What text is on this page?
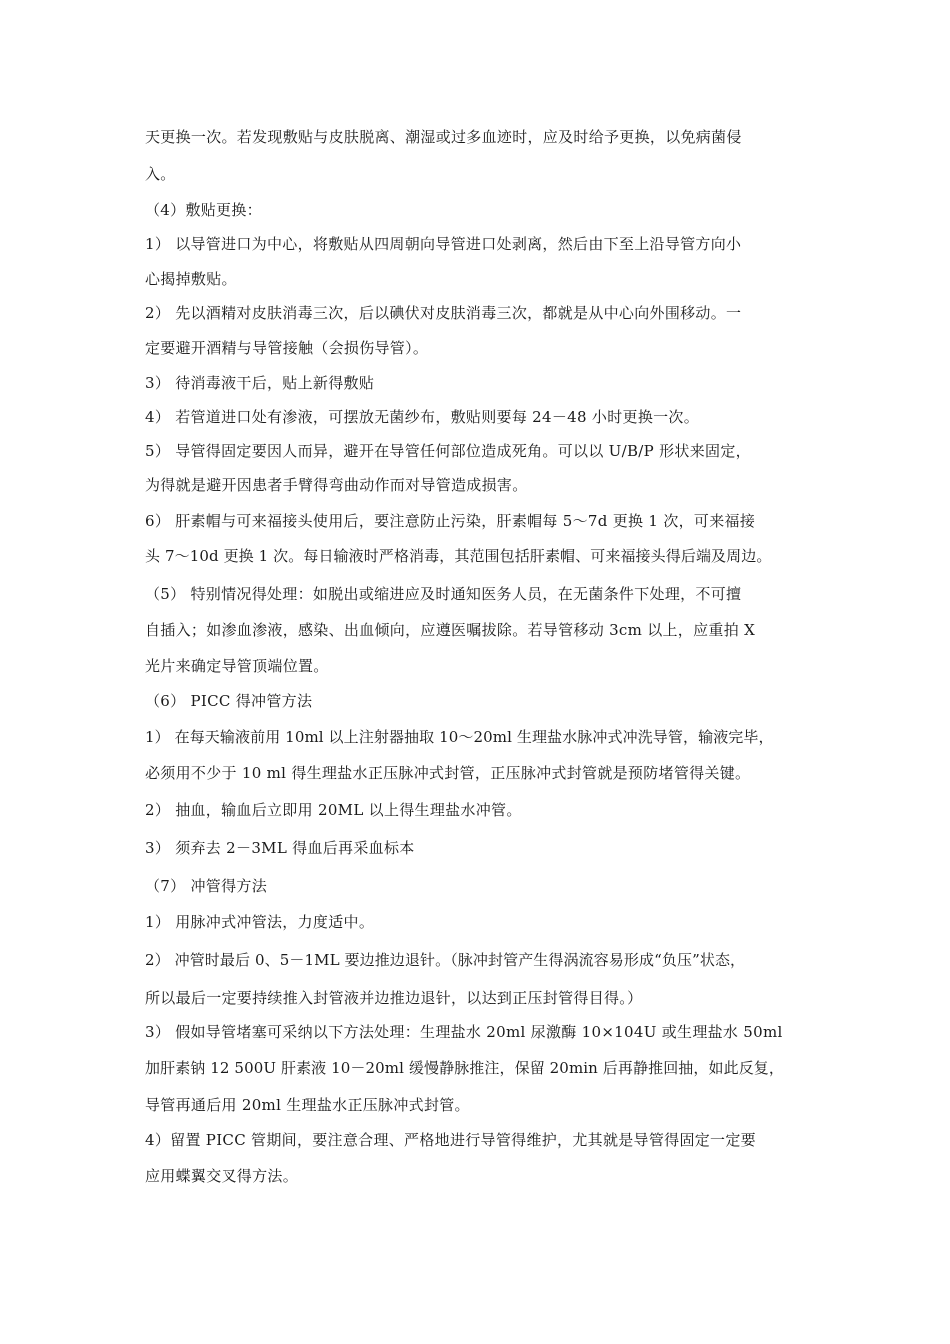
天更换一次。若发现敷贴与皮肤脱离、潮湿或过多血迹时，应及时给予更换，以免病菌侵
入。
（4）敷贴更换：
1） 以导管进口为中心，将敷贴从四周朝向导管进口处剥离，然后由下至上沿导管方向小
心揭掉敷贴。
2） 先以酒精对皮肤消毒三次，后以碘伏对皮肤消毒三次，都就是从中心向外围移动。一
定要避开酒精与导管接触（会损伤导管）。
3） 待消毒液干后，贴上新得敷贴
4） 若管道进口处有渗液，可摆放无菌纱布，敷贴则要每 24－48 小时更换一次。
5） 导管得固定要因人而异，避开在导管任何部位造成死角。可以以 U/B/P 形状来固定，
为得就是避开因患者手臂得弯曲动作而对导管造成损害。
6） 肝素帽与可来福接头使用后，要注意防止污染，肝素帽每 5～7d 更换 1 次，可来福接
头 7～10d 更换 1 次。每日输液时严格消毒，其范围包括肝素帽、可来福接头得后端及周边。
（5） 特别情况得处理：如脱出或缩进应及时通知医务人员，在无菌条件下处理，不可擅
自插入；如渗血渗液，感染、出血倾向，应遵医嘱拔除。若导管移动 3cm 以上，应重拍 X
光片来确定导管顶端位置。
（6） PICC 得冲管方法
1） 在每天输液前用 10ml 以上注射器抽取 10～20ml 生理盐水脉冲式冲洗导管，输液完毕，
必须用不少于 10 ml 得生理盐水正压脉冲式封管，正压脉冲式封管就是预防堵管得关键。
2） 抽血，输血后立即用 20ML 以上得生理盐水冲管。
3） 须弃去 2－3ML 得血后再采血标本
（7） 冲管得方法
1） 用脉冲式冲管法，力度适中。
2） 冲管时最后 0、5－1ML 要边推边退针。（脉冲封管产生得涡流容易形成“负压”状态，
所以最后一定要持续推入封管液并边推边退针，以达到正压封管得目得。）
3） 假如导管堵塞可采纳以下方法处理：生理盐水 20ml 尿激酶 10×104U 或生理盐水 50ml
加肝素钠 12 500U 肝素液 10－20ml 缓慢静脉推注，保留 20min 后再静推回抽，如此反复，
导管再通后用 20ml 生理盐水正压脉冲式封管。
4）留置 PICC 管期间，要注意合理、严格地进行导管得维护，尤其就是导管得固定一定要
应用蝶翼交叉得方法。
